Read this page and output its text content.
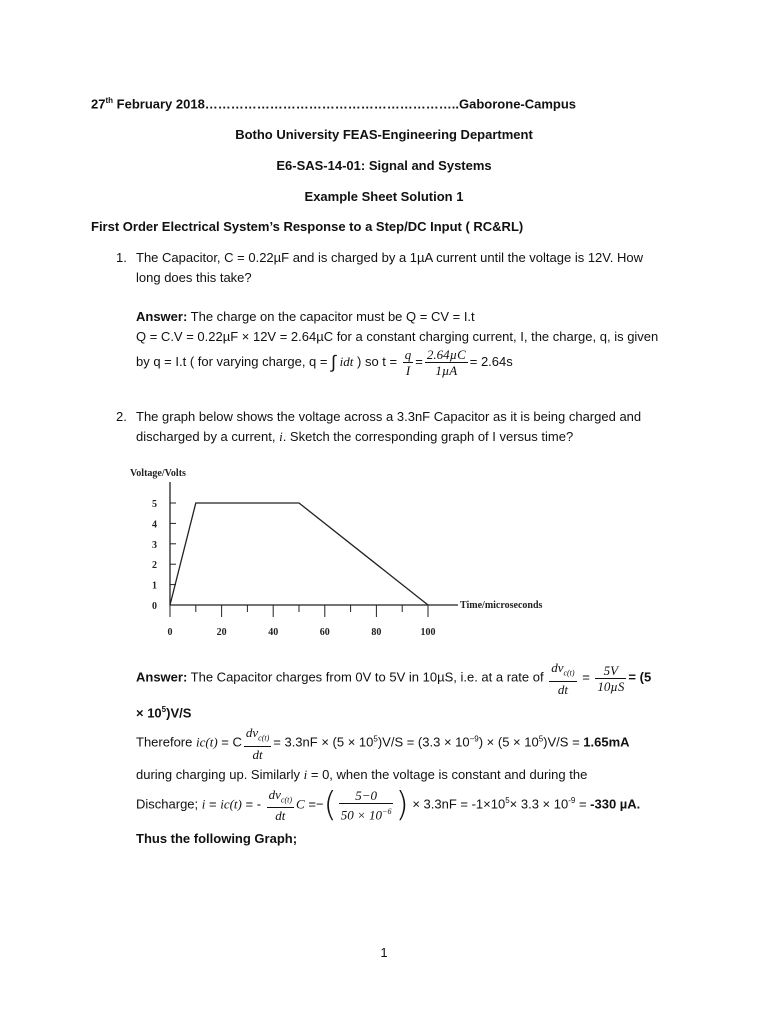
27th February 2018…………………………………………………..Gaborone-Campus
Botho University FEAS-Engineering Department
E6-SAS-14-01: Signal and Systems
Example Sheet Solution 1
First Order Electrical System’s Response to a Step/DC Input ( RC&RL)
1. The Capacitor, C = 0.22µF and is charged by a 1µA current until the voltage is 12V. How
long does this take?
Answer: The charge on the capacitor must be Q = CV = I.t
Q = C.V = 0.22µF × 12V = 2.64µC for a constant charging current, I, the charge, q, is given
by q = I.t ( for varying charge, q = ∫ idt ) so $t = \frac{q}{I} = \frac{\text{2.64µC}}{\text{1µA}} = 2.64s$
2. The graph below shows the voltage across a 3.3nF Capacitor as it is being charged and
discharged by a current, i. Sketch the corresponding graph of I versus time?
Voltage/Volts
Time/microseconds
0	20	40	60	80	100
0
1
2
3
4
5
Answer: The Capacitor charges from 0V to 5V in 10µS, i.e. at a rate of $\frac{dv_{c(t)}}{dt} = \frac{5V}{\text{10µS}} = (5$
× $10^5)V/S$
Therefore ic(t) = C $\frac{dv_{c(t)}}{dt} = 3.3nF \times (5 \times 10^5)V/S = (3.3 \times 10^{-9}) \times (5 \times 10^5)V/S = 1.65mA$
during charging up. Similarly i = 0, when the voltage is constant and during the
Discharge; i = ic(t) = - $\frac{dv_{c(t)}}{dt}$ C =−( $\frac{5-0}{50 \times 10^{-6}}$ ) × $3.3nF = -1\times 10^5\times 3.3 \times 10^{-9} = -330$ µA.
Thus the following Graph;
1
